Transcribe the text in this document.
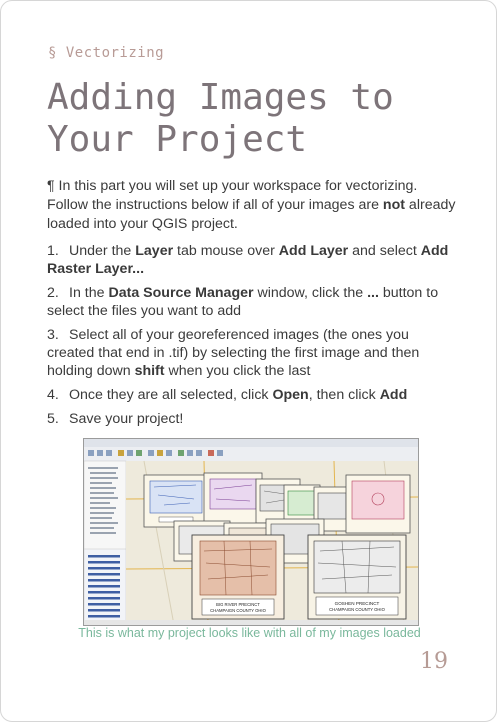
§ Vectorizing
Adding Images to
Your Project

¶ In this part you will set up your workspace for vectorizing. Follow the instructions below if all of your images are not already loaded into your QGIS project.

1. Under the Layer tab mouse over Add Layer and select Add Raster Layer...
2. In the Data Source Manager window, click the ... button to select the files you want to add
3. Select all of your georeferenced images (the ones you created that end in .tif) by selecting the first image and then holding down shift when you click the last
4. Once they are all selected, click Open, then click Add
5. Save your project!
BIG RIVER PRECINCT
CHAMPAIGN COUNTY OHIO
GOSHEN PRECINCT
CHAMPAIGN COUNTY OHIO
This is what my project looks like with all of my images loaded
19
